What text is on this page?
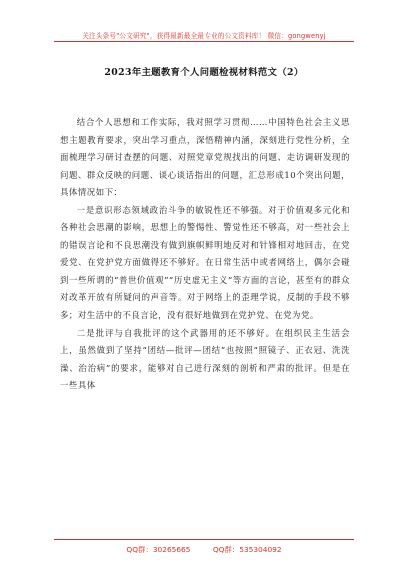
关注头条号"公文研究"，获得最新最全最专业的公文资料库！ 微信：gongwenyj
2023年主题教育个人问题检视材料范文（2）

结合个人思想和工作实际，我对照学习贯彻……中国特色社会主义思想主题教育要求，突出学习重点，深悟精神内涵，深刻进行党性分析，全面梳理学习研讨查摆的问题、对照党章党规找出的问题、走访调研发现的问题、群众反映的问题、谈心谈话指出的问题，汇总形成10个突出问题，具体情况如下：

一是意识形态领域政治斗争的敏锐性还不够强。对于价值观多元化和各种社会思潮的影响，思想上的警惕性、警觉性还不够高，对一些社会上的错误言论和不良思潮没有做到旗帜鲜明地反对和针锋相对地回击，在党爱党、在党护党方面做得还不够好。在日常生活中或者网络上，偶尔会碰到一些所谓的“普世价值观”“历史虚无主义”等方面的言论，甚至有的群众对改革开放有所疑问的声音等。对于网络上的歪理学说，反制的手段不够多；对生活中的不良言论，没有很好地做到在党护党、在党为党。

二是批评与自我批评的这个武器用的还不够好。在组织民主生活会上，虽然做到了坚持“团结—批评—团结”也按照“照镜子、正衣冠、洗洗澡、治治病”的要求，能够对自己进行深刻的剖析和严肃的批评。但是在一些具体

QQ群：30265665	QQ群：535304092
